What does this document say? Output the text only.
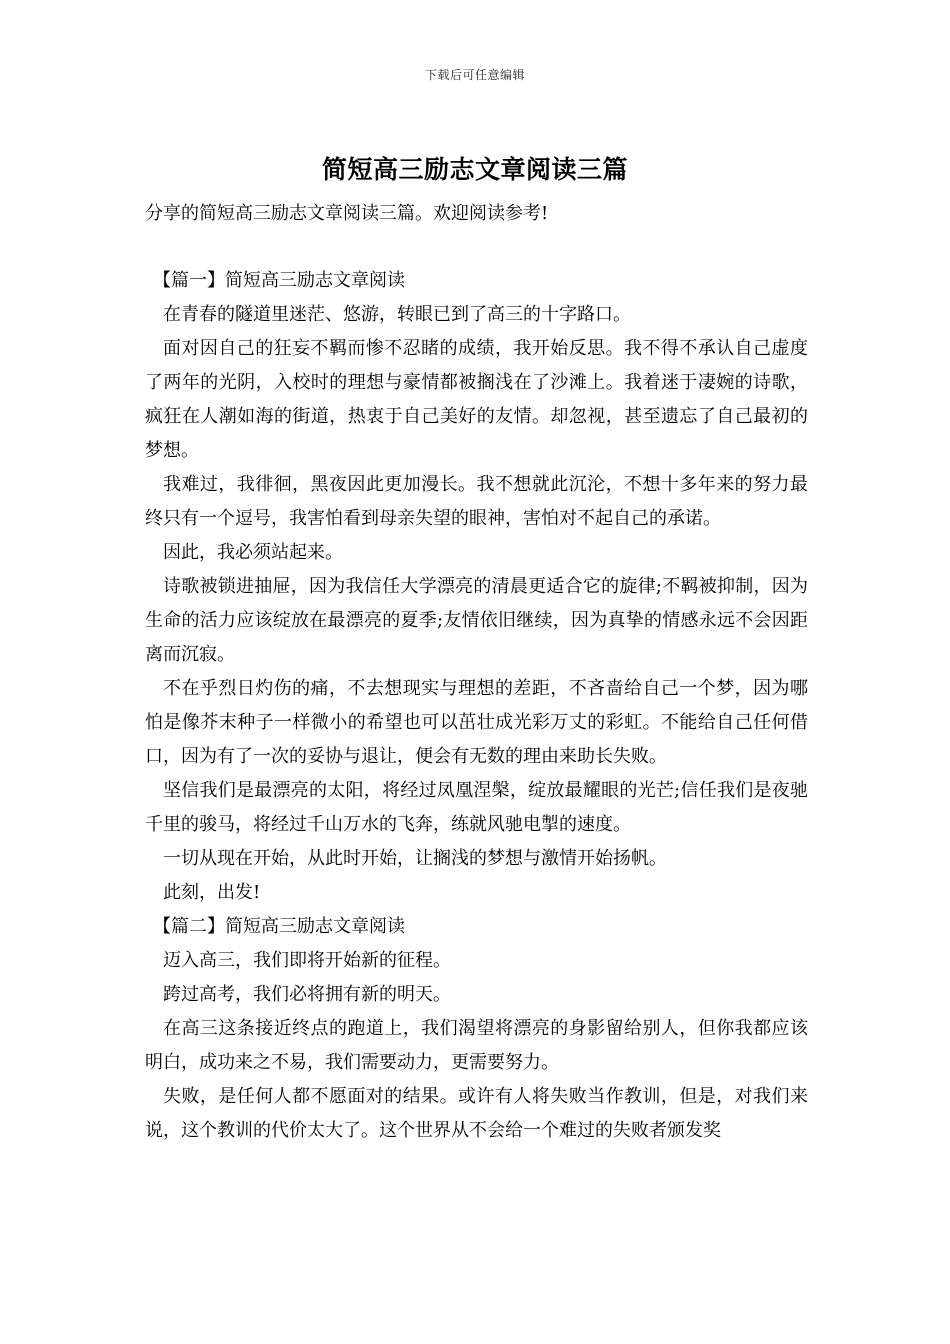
下载后可任意编辑
简短高三励志文章阅读三篇
分享的简短高三励志文章阅读三篇。欢迎阅读参考!

【篇一】简短高三励志文章阅读

在青春的隧道里迷茫、悠游，转眼已到了高三的十字路口。

面对因自己的狂妄不羁而惨不忍睹的成绩，我开始反思。我不得不承认自己虚度了两年的光阴，入校时的理想与豪情都被搁浅在了沙滩上。我着迷于凄婉的诗歌，疯狂在人潮如海的街道，热衷于自己美好的友情。却忽视，甚至遗忘了自己最初的梦想。

我难过，我徘徊，黑夜因此更加漫长。我不想就此沉沦，不想十多年来的努力最终只有一个逗号，我害怕看到母亲失望的眼神，害怕对不起自己的承诺。

因此，我必须站起来。

诗歌被锁进抽屉，因为我信任大学漂亮的清晨更适合它的旋律;不羁被抑制，因为生命的活力应该绽放在最漂亮的夏季;友情依旧继续，因为真挚的情感永远不会因距离而沉寂。

不在乎烈日灼伤的痛，不去想现实与理想的差距，不吝啬给自己一个梦，因为哪怕是像芥末种子一样微小的希望也可以茁壮成光彩万丈的彩虹。不能给自己任何借口，因为有了一次的妥协与退让，便会有无数的理由来助长失败。

坚信我们是最漂亮的太阳，将经过凤凰涅槃，绽放最耀眼的光芒;信任我们是夜驰千里的骏马，将经过千山万水的飞奔，练就风驰电掣的速度。

一切从现在开始，从此时开始，让搁浅的梦想与激情开始扬帆。

此刻，出发!

【篇二】简短高三励志文章阅读

迈入高三，我们即将开始新的征程。

跨过高考，我们必将拥有新的明天。

在高三这条接近终点的跑道上，我们渴望将漂亮的身影留给别人，但你我都应该明白，成功来之不易，我们需要动力，更需要努力。

失败，是任何人都不愿面对的结果。或许有人将失败当作教训，但是，对我们来说，这个教训的代价太大了。这个世界从不会给一个难过的失败者颁发奖
